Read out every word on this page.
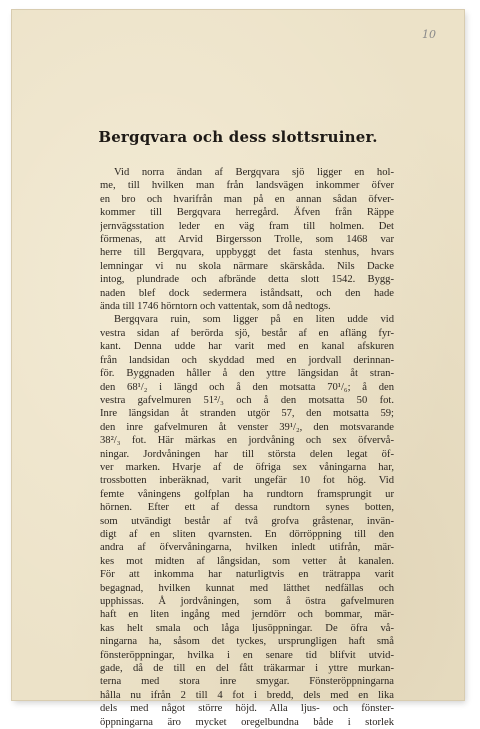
10
Bergqvara och dess slottsruiner.
Vid norra ändan af Bergqvara sjö ligger en hol-
me, till hvilken man från landsvägen inkommer öfver
en bro och hvarifrån man på en annan sådan öfver-
kommer till Bergqvara herregård. Äfven från Räppe
jernvägsstation leder en väg fram till holmen. Det
förmenas, att Arvid Birgersson Trolle, som 1468 var
herre till Bergqvara, uppbyggt det fasta stenhus, hvars
lemningar vi nu skola närmare skärskåda. Nils Dacke
intog, plundrade och afbrände detta slott 1542. Bygg-
naden blef dock sedermera iståndsatt, och den hade
ända till 1746 hörntorn och vattentak, som då nedtogs.
Bergqvara ruin, som ligger på en liten udde vid
vestra sidan af berörda sjö, består af en afläng fyr-
kant. Denna udde har varit med en kanal afskuren
från landsidan och skyddad med en jordvall derinnan-
för. Byggnaden håller å den yttre längsidan åt stran-
den 68¹/₂ i längd och å den motsatta 70¹/₆; å den
vestra gafvelmuren 51²/₃ och å den motsatta 50 fot.
Inre längsidan åt stranden utgör 57, den motsatta 59;
den inre gafvelmuren åt venster 39¹/₂, den motsvarande
38²/₃ fot. Här märkas en jordvåning och sex öfvervå-
ningar. Jordvåningen har till största delen legat öf-
ver marken. Hvarje af de öfriga sex våningarna har,
trossbotten inberäknad, varit ungefär 10 fot hög. Vid
femte våningens golfplan ha rundtorn framsprungit ur
hörnen. Efter ett af dessa rundtorn synes botten,
som utvändigt består af två grofva gråstenar, invän-
digt af en sliten qvarnsten. En dörröppning till den
andra af öfvervåningarna, hvilken inledt utifrån, mär-
kes mot midten af långsidan, som vetter åt kanalen.
För att inkomma har naturligtvis en trätrappa varit
begagnad, hvilken kunnat med lätthet nedfällas och
upphissas. Å jordvåningen, som å östra gafvelmuren
haft en liten ingång med jerndörr och bommar, mär-
kas helt smala och låga ljusöppningar. De öfra vå-
ningarna ha, såsom det tyckes, ursprungligen haft små
fönsteröppningar, hvilka i en senare tid blifvit utvid-
gade, då de till en del fått träkarmar i yttre murkan-
terna med stora inre smygar. Fönsteröppningarna
hålla nu ifrån 2 till 4 fot i bredd, dels med en lika
dels med något större höjd. Alla ljus- och fönster-
öppningarna äro mycket oregelbundna både i storlek
